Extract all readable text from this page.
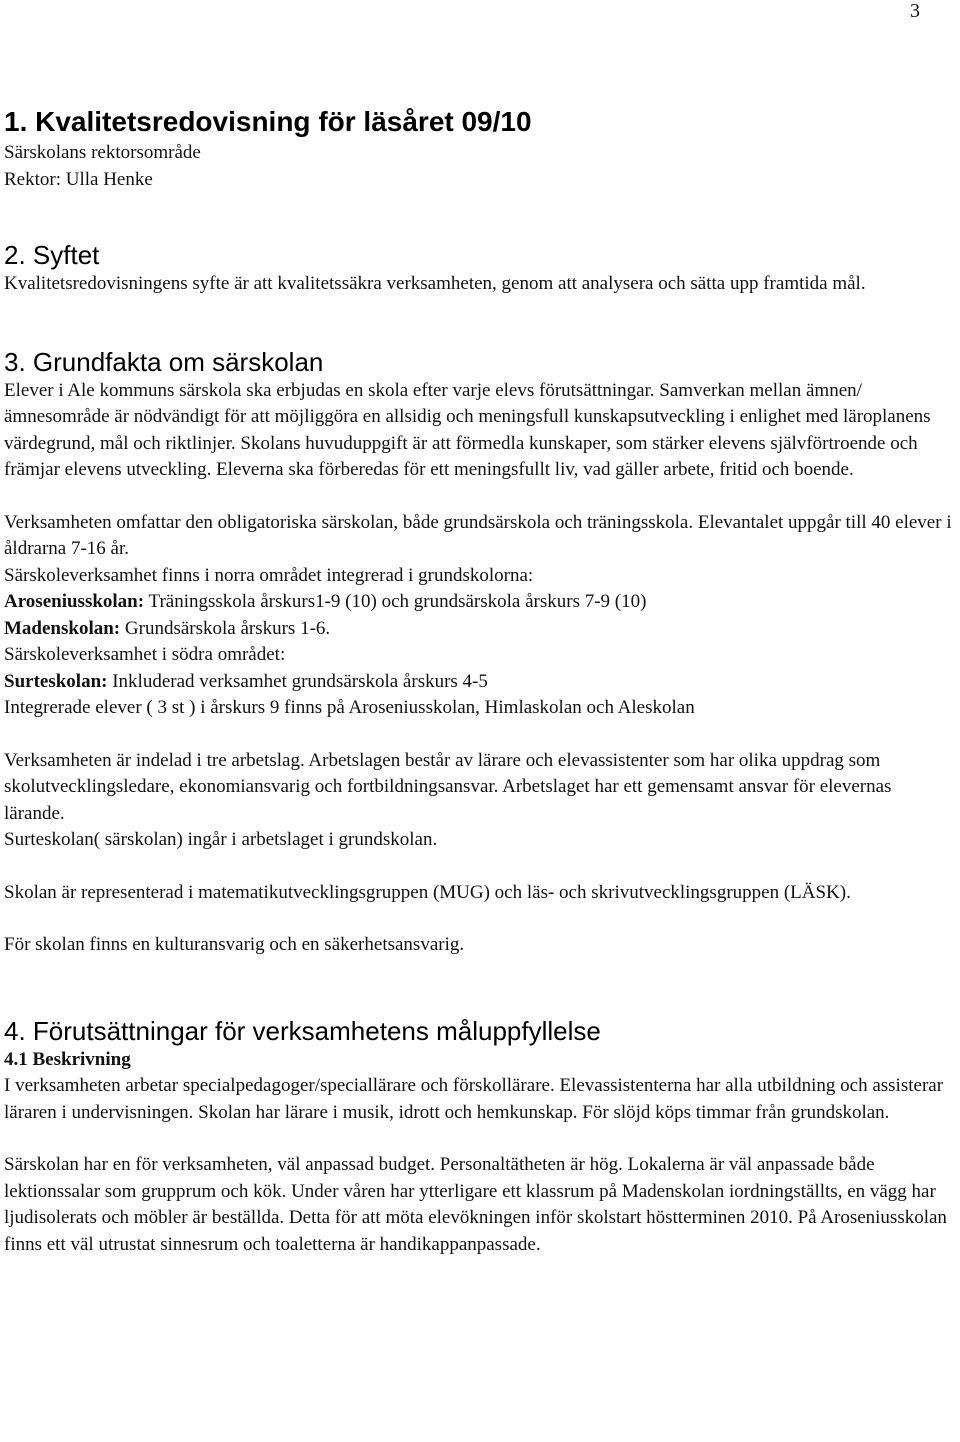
3
1. Kvalitetsredovisning för läsåret 09/10

Särskolans rektorsområde

Rektor: Ulla Henke

2. Syftet

Kvalitetsredovisningens syfte är att kvalitetssäkra verksamheten, genom att analysera och sätta upp framtida mål.

3. Grundfakta om särskolan

Elever i Ale kommuns särskola ska erbjudas en skola efter varje elevs förutsättningar. Samverkan mellan ämnen/ämnesområde är nödvändigt för att möjliggöra en allsidig och meningsfull kunskapsutveckling i enlighet med läroplanens värdegrund, mål och riktlinjer. Skolans huvuduppgift är att förmedla kunskaper, som stärker elevens självförtroende och främjar elevens utveckling. Eleverna ska förberedas för ett meningsfullt liv, vad gäller arbete, fritid och boende.

Verksamheten omfattar den obligatoriska särskolan, både grundsärskola och träningsskola. Elevantalet uppgår till 40 elever i åldrarna 7-16 år.

Särskoleverksamhet finns i norra området integrerad i grundskolorna:

Aroseniusskolan: Träningsskola årskurs1-9 (10) och grundsärskola årskurs 7-9 (10)

Madenskolan: Grundsärskola årskurs 1-6.

Särskoleverksamhet i södra området:

Surteskolan: Inkluderad verksamhet grundsärskola årskurs 4-5

Integrerade elever ( 3 st ) i årskurs 9 finns på Aroseniusskolan, Himlaskolan och Aleskolan

Verksamheten är indelad i tre arbetslag. Arbetslagen består av lärare och elevassistenter som har olika uppdrag som skolutvecklingsledare, ekonomiansvarig och fortbildningsansvar. Arbetslaget har ett gemensamt ansvar för elevernas lärande.

Surteskolan( särskolan) ingår i arbetslaget i grundskolan.

Skolan är representerad i matematikutvecklingsgruppen (MUG) och läs- och skrivutvecklingsgruppen (LÄSK).

För skolan finns en kulturansvarig och en säkerhetsansvarig.

4. Förutsättningar för verksamhetens måluppfyllelse

4.1 Beskrivning

I verksamheten arbetar specialpedagoger/speciallärare och förskollärare. Elevassistenterna har alla utbildning och assisterar läraren i undervisningen. Skolan har lärare i musik, idrott och hemkunskap. För slöjd köps timmar från grundskolan.

Särskolan har en för verksamheten, väl anpassad budget. Personaltätheten är hög. Lokalerna är väl anpassade både lektionssalar som grupprum och kök. Under våren har ytterligare ett klassrum på Madenskolan iordningställts, en vägg har ljudisolerats och möbler är beställda. Detta för att möta elevökningen inför skolstart höstterminen 2010. På Aroseniusskolan finns ett väl utrustat sinnesrum och toaletterna är handikappanpassade.
